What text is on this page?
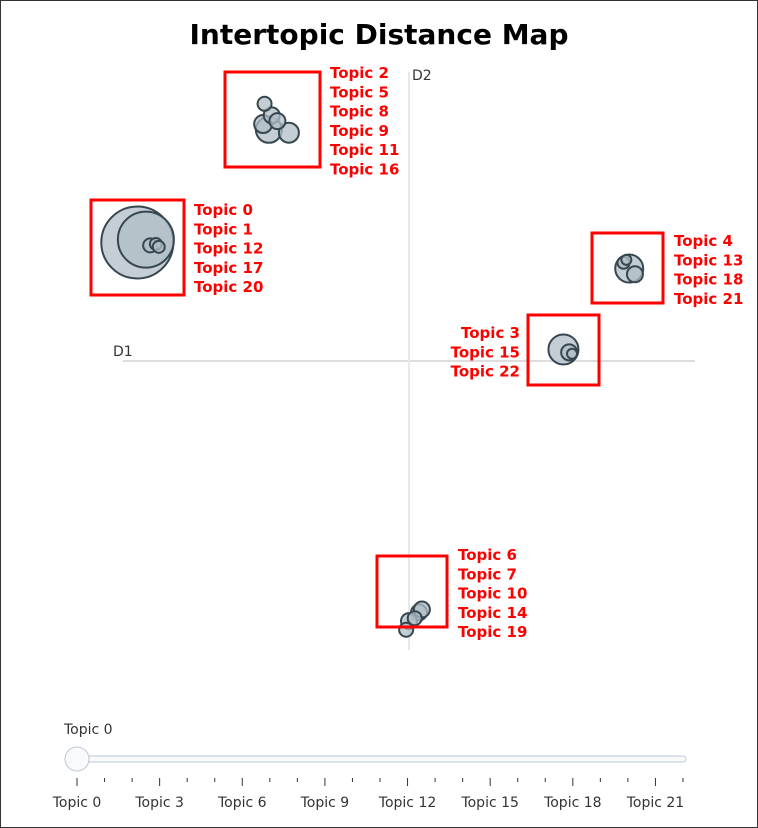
Intertopic Distance Map
D1
D2
Topic 0
Topic 1
Topic 12
Topic 17
Topic 20
Topic 2
Topic 5
Topic 8
Topic 9
Topic 11
Topic 16
Topic 4
Topic 13
Topic 18
Topic 21
Topic 3
Topic 15
Topic 22
Topic 6
Topic 7
Topic 10
Topic 14
Topic 19
Topic 0
Topic 0 Topic 3 Topic 6 Topic 9 Topic 12 Topic 15 Topic 18 Topic 21
